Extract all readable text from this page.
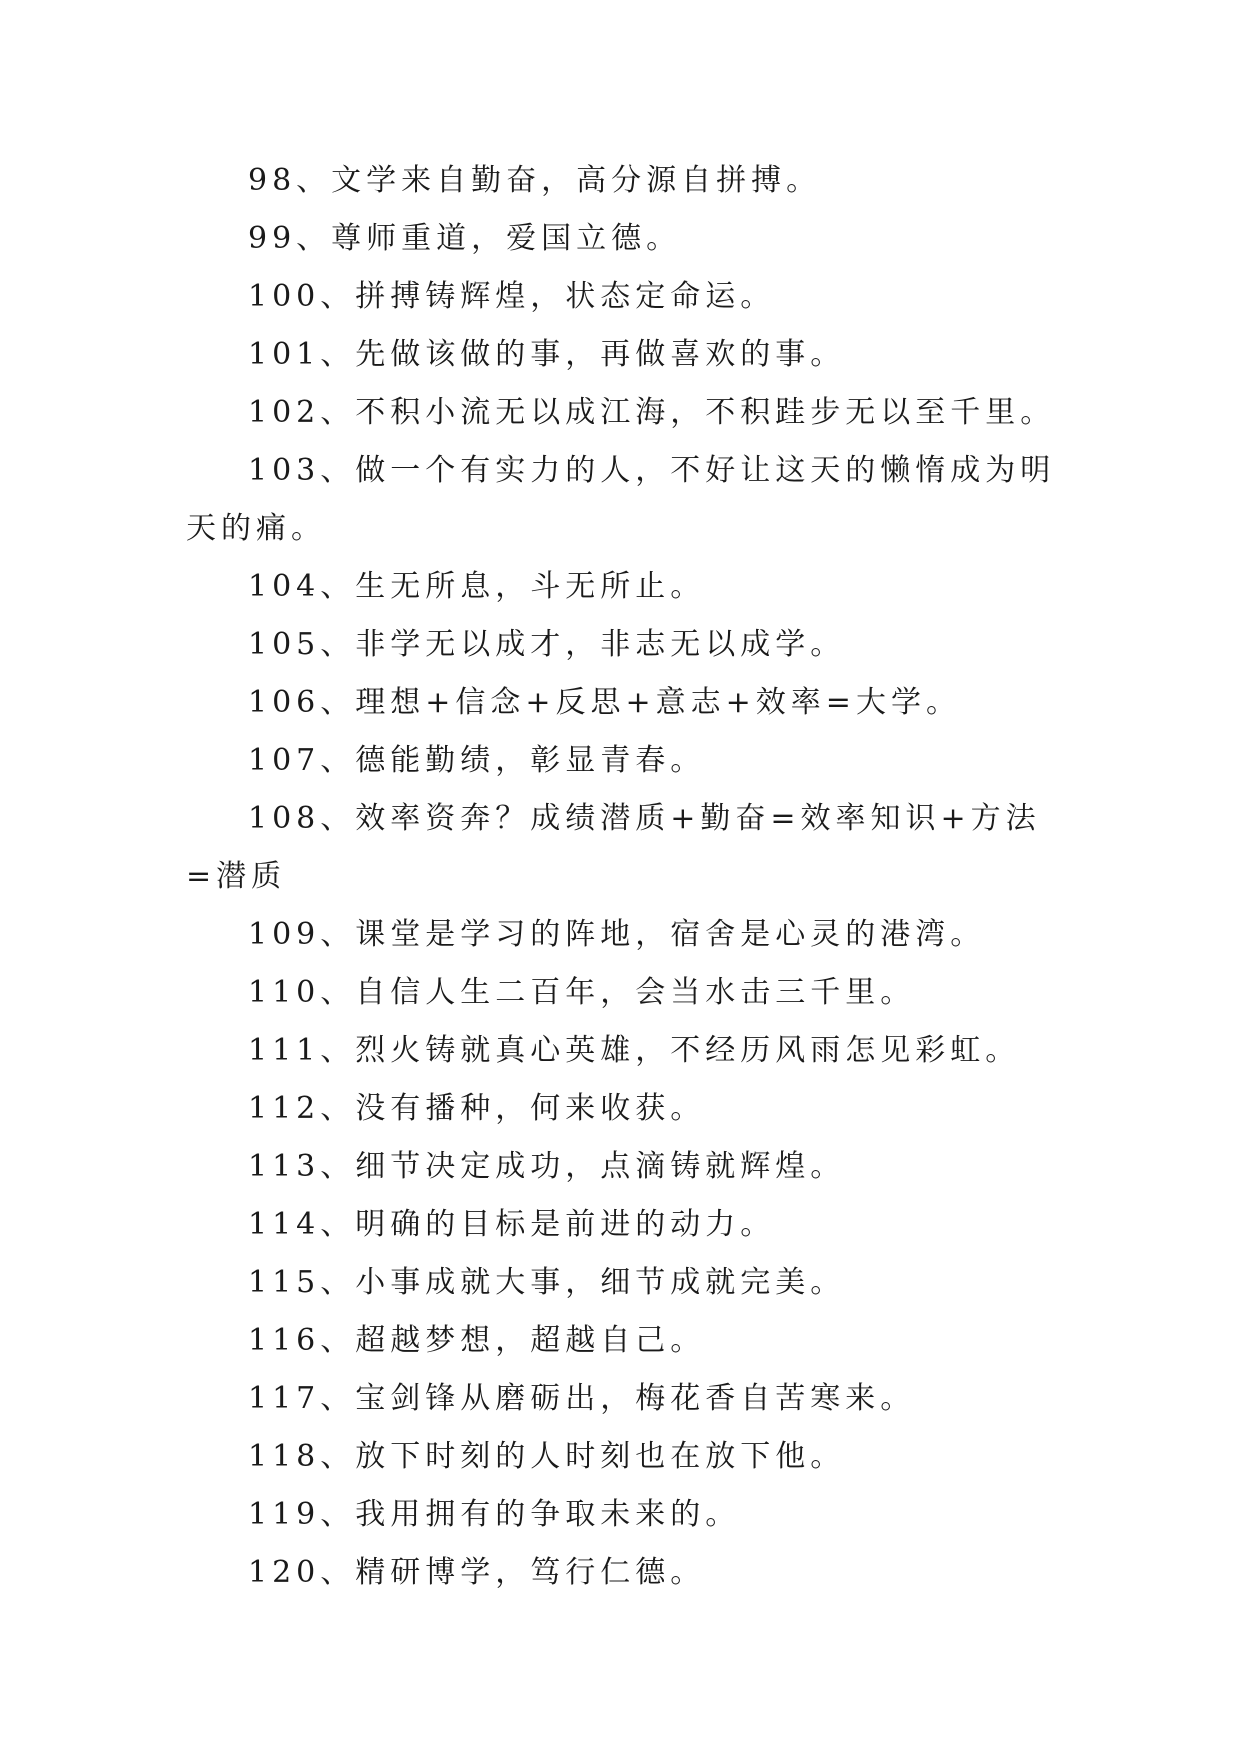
98、文学来自勤奋，高分源自拼搏。

99、尊师重道，爱国立德。

100、拼搏铸辉煌，状态定命运。

101、先做该做的事，再做喜欢的事。

102、不积小流无以成江海，不积跬步无以至千里。

103、做一个有实力的人，不好让这天的懒惰成为明天的痛。

104、生无所息，斗无所止。

105、非学无以成才，非志无以成学。

106、理想+信念+反思+意志+效率=大学。

107、德能勤绩，彰显青春。

108、效率资奔？成绩潜质+勤奋=效率知识+方法=潜质

109、课堂是学习的阵地，宿舍是心灵的港湾。

110、自信人生二百年，会当水击三千里。

111、烈火铸就真心英雄，不经历风雨怎见彩虹。

112、没有播种，何来收获。

113、细节决定成功，点滴铸就辉煌。

114、明确的目标是前进的动力。

115、小事成就大事，细节成就完美。

116、超越梦想，超越自己。

117、宝剑锋从磨砺出，梅花香自苦寒来。

118、放下时刻的人时刻也在放下他。

119、我用拥有的争取未来的。

120、精研博学，笃行仁德。
